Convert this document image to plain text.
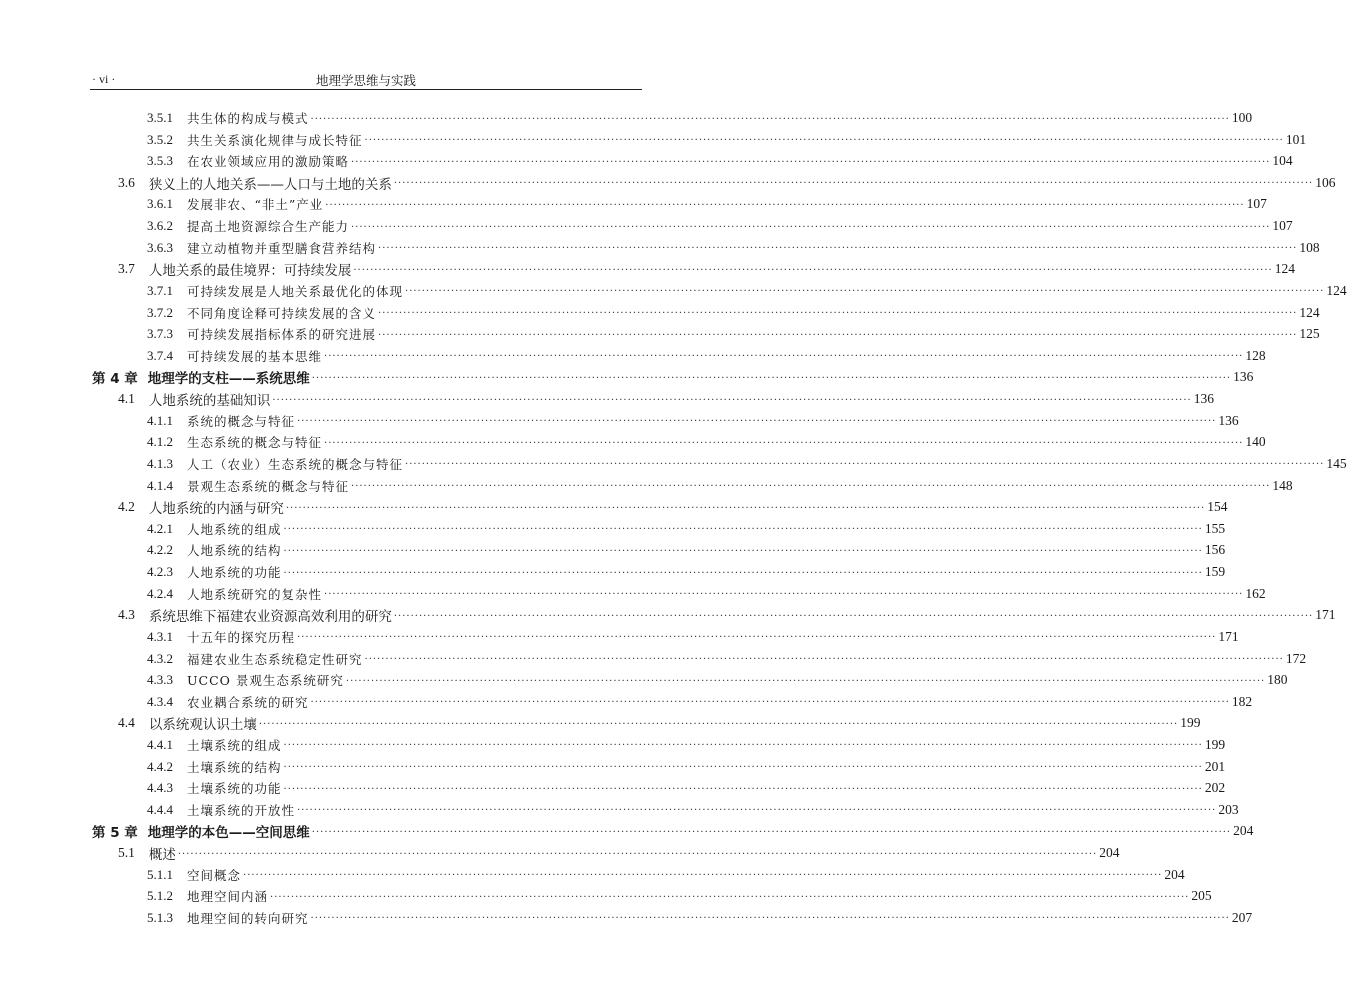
· vi ·	地理学思维与实践
3.5.1 共生体的构成与模式 ···························································································································································································································· 100
3.5.2 共生关系演化规律与成长特征 ···························································································································································································································· 101
3.5.3 在农业领域应用的激励策略 ···························································································································································································································· 104
3.6 狭义上的人地关系——人口与土地的关系 ···························································································································································································································· 106
3.6.1 发展非农、“非土”产业 ···························································································································································································································· 107
3.6.2 提高土地资源综合生产能力 ···························································································································································································································· 107
3.6.3 建立动植物并重型膳食营养结构 ···························································································································································································································· 108
3.7 人地关系的最佳境界：可持续发展 ···························································································································································································································· 124
3.7.1 可持续发展是人地关系最优化的体现 ···························································································································································································································· 124
3.7.2 不同角度诠释可持续发展的含义 ···························································································································································································································· 124
3.7.3 可持续发展指标体系的研究进展 ···························································································································································································································· 125
3.7.4 可持续发展的基本思维 ···························································································································································································································· 128
第 4 章 地理学的支柱——系统思维 ···························································································································································································································· 136
4.1 人地系统的基础知识 ···························································································································································································································· 136
4.1.1 系统的概念与特征 ···························································································································································································································· 136
4.1.2 生态系统的概念与特征 ···························································································································································································································· 140
4.1.3 人工（农业）生态系统的概念与特征 ···························································································································································································································· 145
4.1.4 景观生态系统的概念与特征 ···························································································································································································································· 148
4.2 人地系统的内涵与研究 ···························································································································································································································· 154
4.2.1 人地系统的组成 ···························································································································································································································· 155
4.2.2 人地系统的结构 ···························································································································································································································· 156
4.2.3 人地系统的功能 ···························································································································································································································· 159
4.2.4 人地系统研究的复杂性 ···························································································································································································································· 162
4.3 系统思维下福建农业资源高效利用的研究 ···························································································································································································································· 171
4.3.1 十五年的探究历程 ···························································································································································································································· 171
4.3.2 福建农业生态系统稳定性研究 ···························································································································································································································· 172
4.3.3 UCCO 景观生态系统研究 ···························································································································································································································· 180
4.3.4 农业耦合系统的研究 ···························································································································································································································· 182
4.4 以系统观认识土壤 ···························································································································································································································· 199
4.4.1 土壤系统的组成 ···························································································································································································································· 199
4.4.2 土壤系统的结构 ···························································································································································································································· 201
4.4.3 土壤系统的功能 ···························································································································································································································· 202
4.4.4 土壤系统的开放性 ···························································································································································································································· 203
第 5 章 地理学的本色——空间思维 ···························································································································································································································· 204
5.1 概述 ···························································································································································································································· 204
5.1.1 空间概念 ···························································································································································································································· 204
5.1.2 地理空间内涵 ···························································································································································································································· 205
5.1.3 地理空间的转向研究 ···························································································································································································································· 207
